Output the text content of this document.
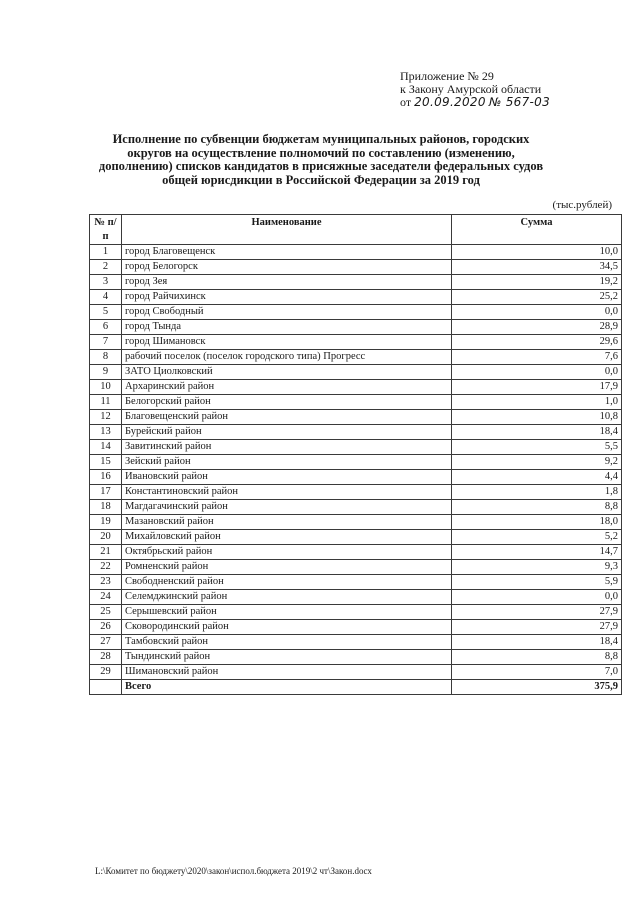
Приложение № 29
к Закону Амурской области
от 20.09.2020 № 567-03
Исполнение по субвенции бюджетам муниципальных районов, городских округов на осуществление полномочий по составлению (изменению, дополнению) списков кандидатов в присяжные заседатели федеральных судов общей юрисдикции в Российской Федерации за 2019 год
(тыс.рублей)
№ п/п	Наименование	Сумма
1	город Благовещенск	10,0
2	город Белогорск	34,5
3	город Зея	19,2
4	город Райчихинск	25,2
5	город Свободный	0,0
6	город Тында	28,9
7	город Шимановск	29,6
8	рабочий поселок (поселок городского типа) Прогресс	7,6
9	ЗАТО Циолковский	0,0
10	Архаринский район	17,9
11	Белогорский район	1,0
12	Благовещенский район	10,8
13	Бурейский район	18,4
14	Завитинский район	5,5
15	Зейский район	9,2
16	Ивановский район	4,4
17	Константиновский район	1,8
18	Магдагачинский район	8,8
19	Мазановский район	18,0
20	Михайловский район	5,2
21	Октябрьский район	14,7
22	Ромненский район	9,3
23	Свободненский район	5,9
24	Селемджинский район	0,0
25	Серышевский район	27,9
26	Сковородинский район	27,9
27	Тамбовский район	18,4
28	Тындинский район	8,8
29	Шимановский район	7,0
	Всего	375,9
L:\Комитет по бюджету\2020\закон\испол.бюджета 2019\2 чт\Закон.docx
